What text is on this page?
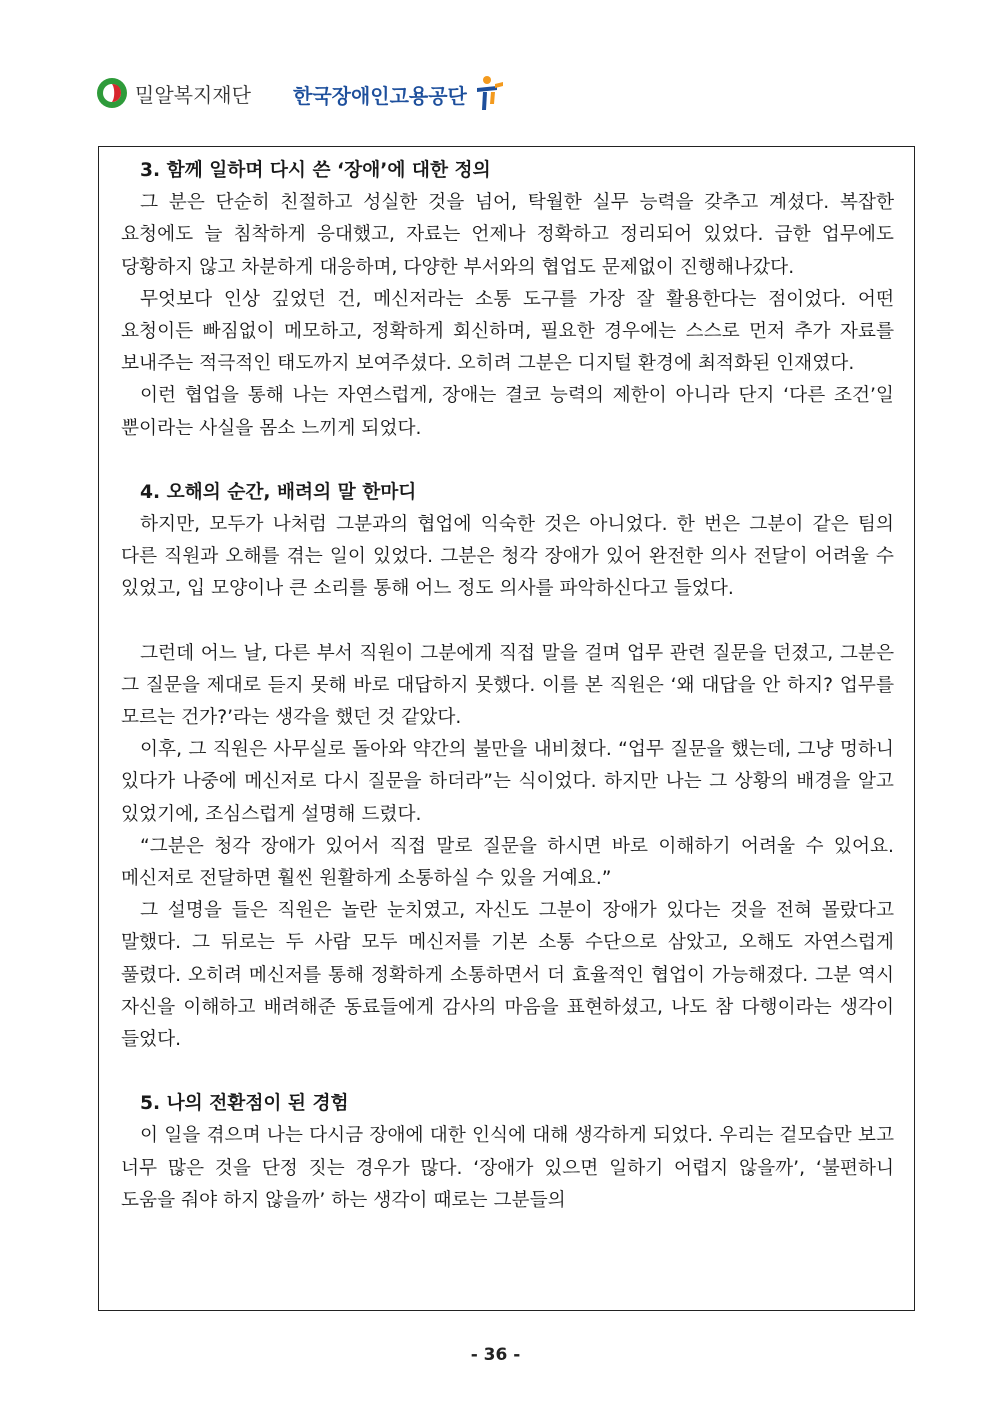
밀알복지재단 한국장애인고용공단
3. 함께 일하며 다시 쓴 ‘장애’에 대한 정의

그 분은 단순히 친절하고 성실한 것을 넘어, 탁월한 실무 능력을 갖추고 계셨다. 복잡한 요청에도 늘 침착하게 응대했고, 자료는 언제나 정확하고 정리되어 있었다. 급한 업무에도 당황하지 않고 차분하게 대응하며, 다양한 부서와의 협업도 문제없이 진행해나갔다.

무엇보다 인상 깊었던 건, 메신저라는 소통 도구를 가장 잘 활용한다는 점이었다. 어떤 요청이든 빠짐없이 메모하고, 정확하게 회신하며, 필요한 경우에는 스스로 먼저 추가 자료를 보내주는 적극적인 태도까지 보여주셨다. 오히려 그분은 디지털 환경에 최적화된 인재였다.

이런 협업을 통해 나는 자연스럽게, 장애는 결코 능력의 제한이 아니라 단지 ‘다른 조건’일 뿐이라는 사실을 몸소 느끼게 되었다.

4. 오해의 순간, 배려의 말 한마디

하지만, 모두가 나처럼 그분과의 협업에 익숙한 것은 아니었다. 한 번은 그분이 같은 팀의 다른 직원과 오해를 겪는 일이 있었다. 그분은 청각 장애가 있어 완전한 의사 전달이 어려울 수 있었고, 입 모양이나 큰 소리를 통해 어느 정도 의사를 파악하신다고 들었다.

그런데 어느 날, 다른 부서 직원이 그분에게 직접 말을 걸며 업무 관련 질문을 던졌고, 그분은 그 질문을 제대로 듣지 못해 바로 대답하지 못했다. 이를 본 직원은 ‘왜 대답을 안 하지? 업무를 모르는 건가?’라는 생각을 했던 것 같았다.

이후, 그 직원은 사무실로 돌아와 약간의 불만을 내비쳤다. “업무 질문을 했는데, 그냥 멍하니 있다가 나중에 메신저로 다시 질문을 하더라”는 식이었다. 하지만 나는 그 상황의 배경을 알고 있었기에, 조심스럽게 설명해 드렸다.

“그분은 청각 장애가 있어서 직접 말로 질문을 하시면 바로 이해하기 어려울 수 있어요. 메신저로 전달하면 훨씬 원활하게 소통하실 수 있을 거예요.”

그 설명을 들은 직원은 놀란 눈치였고, 자신도 그분이 장애가 있다는 것을 전혀 몰랐다고 말했다. 그 뒤로는 두 사람 모두 메신저를 기본 소통 수단으로 삼았고, 오해도 자연스럽게 풀렸다. 오히려 메신저를 통해 정확하게 소통하면서 더 효율적인 협업이 가능해졌다. 그분 역시 자신을 이해하고 배려해준 동료들에게 감사의 마음을 표현하셨고, 나도 참 다행이라는 생각이 들었다.

5. 나의 전환점이 된 경험

이 일을 겪으며 나는 다시금 장애에 대한 인식에 대해 생각하게 되었다. 우리는 겉모습만 보고 너무 많은 것을 단정 짓는 경우가 많다. ‘장애가 있으면 일하기 어렵지 않을까’, ‘불편하니 도움을 줘야 하지 않을까’ 하는 생각이 때로는 그분들의

- 36 -
